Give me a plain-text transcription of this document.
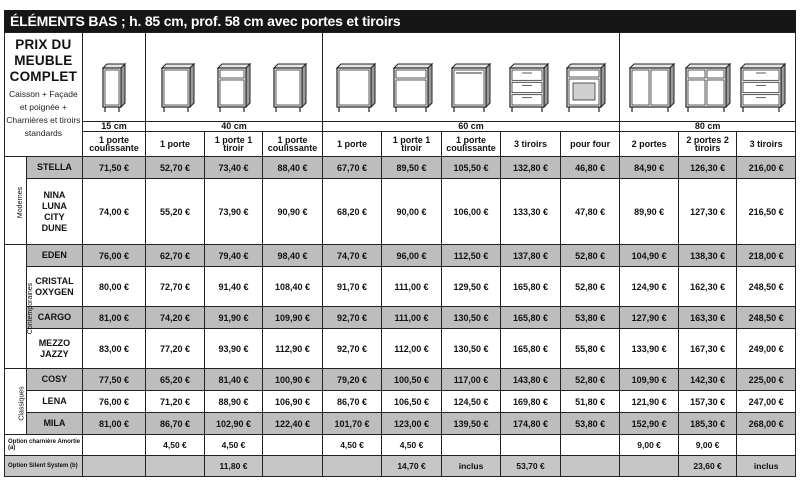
ÉLÉMENTS BAS ; h. 85 cm, prof. 58 cm avec portes et tiroirs
PRIX DU
MEUBLE
COMPLET
Caisson + Façade et poignée + Charnières et tiroirs standards

		15 cm	40 cm			60 cm					80 cm		
		1 porte coulissante	1 porte	1 porte 1 tiroir	1 porte coulissante	1 porte	1 porte 1 tiroir	1 porte coulissante	3 tiroirs	pour four	2 portes	2 portes 2 tiroirs	3 tiroirs
Modernes	STELLA	71,50 €	52,70 €	73,40 €	88,40 €	67,70 €	89,50 €	105,50 €	132,80 €	46,80 €	84,90 €	126,30 €	216,00 €
	NINA
LUNA
CITY
DUNE	74,00 €	55,20 €	73,90 €	90,90 €	68,20 €	90,00 €	106,00 €	133,30 €	47,80 €	89,90 €	127,30 €	216,50 €
Contemporaines	EDEN	76,00 €	62,70 €	79,40 €	98,40 €	74,70 €	96,00 €	112,50 €	137,80 €	52,80 €	104,90 €	138,30 €	218,00 €
	CRISTAL
OXYGEN	80,00 €	72,70 €	91,40 €	108,40 €	91,70 €	111,00 €	129,50 €	165,80 €	52,80 €	124,90 €	162,30 €	248,50 €
	CARGO	81,00 €	74,20 €	91,90 €	109,90 €	92,70 €	111,00 €	130,50 €	165,80 €	53,80 €	127,90 €	163,30 €	248,50 €
	MEZZO
JAZZY	83,00 €	77,20 €	93,90 €	112,90 €	92,70 €	112,00 €	130,50 €	165,80 €	55,80 €	133,90 €	167,30 €	249,00 €
Classiques	COSY	77,50 €	65,20 €	81,40 €	100,90 €	79,20 €	100,50 €	117,00 €	143,80 €	52,80 €	109,90 €	142,30 €	225,00 €
	LENA	76,00 €	71,20 €	88,90 €	106,90 €	86,70 €	106,50 €	124,50 €	169,80 €	51,80 €	121,90 €	157,30 €	247,00 €
	MILA	81,00 €	86,70 €	102,90 €	122,40 €	101,70 €	123,00 €	139,50 €	174,80 €	53,80 €	152,90 €	185,30 €	268,00 €
Option charnière Amortie (a)			4,50 €	4,50 €		4,50 €	4,50 €				9,00 €	9,00 €	
Option Silent System (b)				11,80 €			14,70 €	inclus	53,70 €			23,60 €	inclus
